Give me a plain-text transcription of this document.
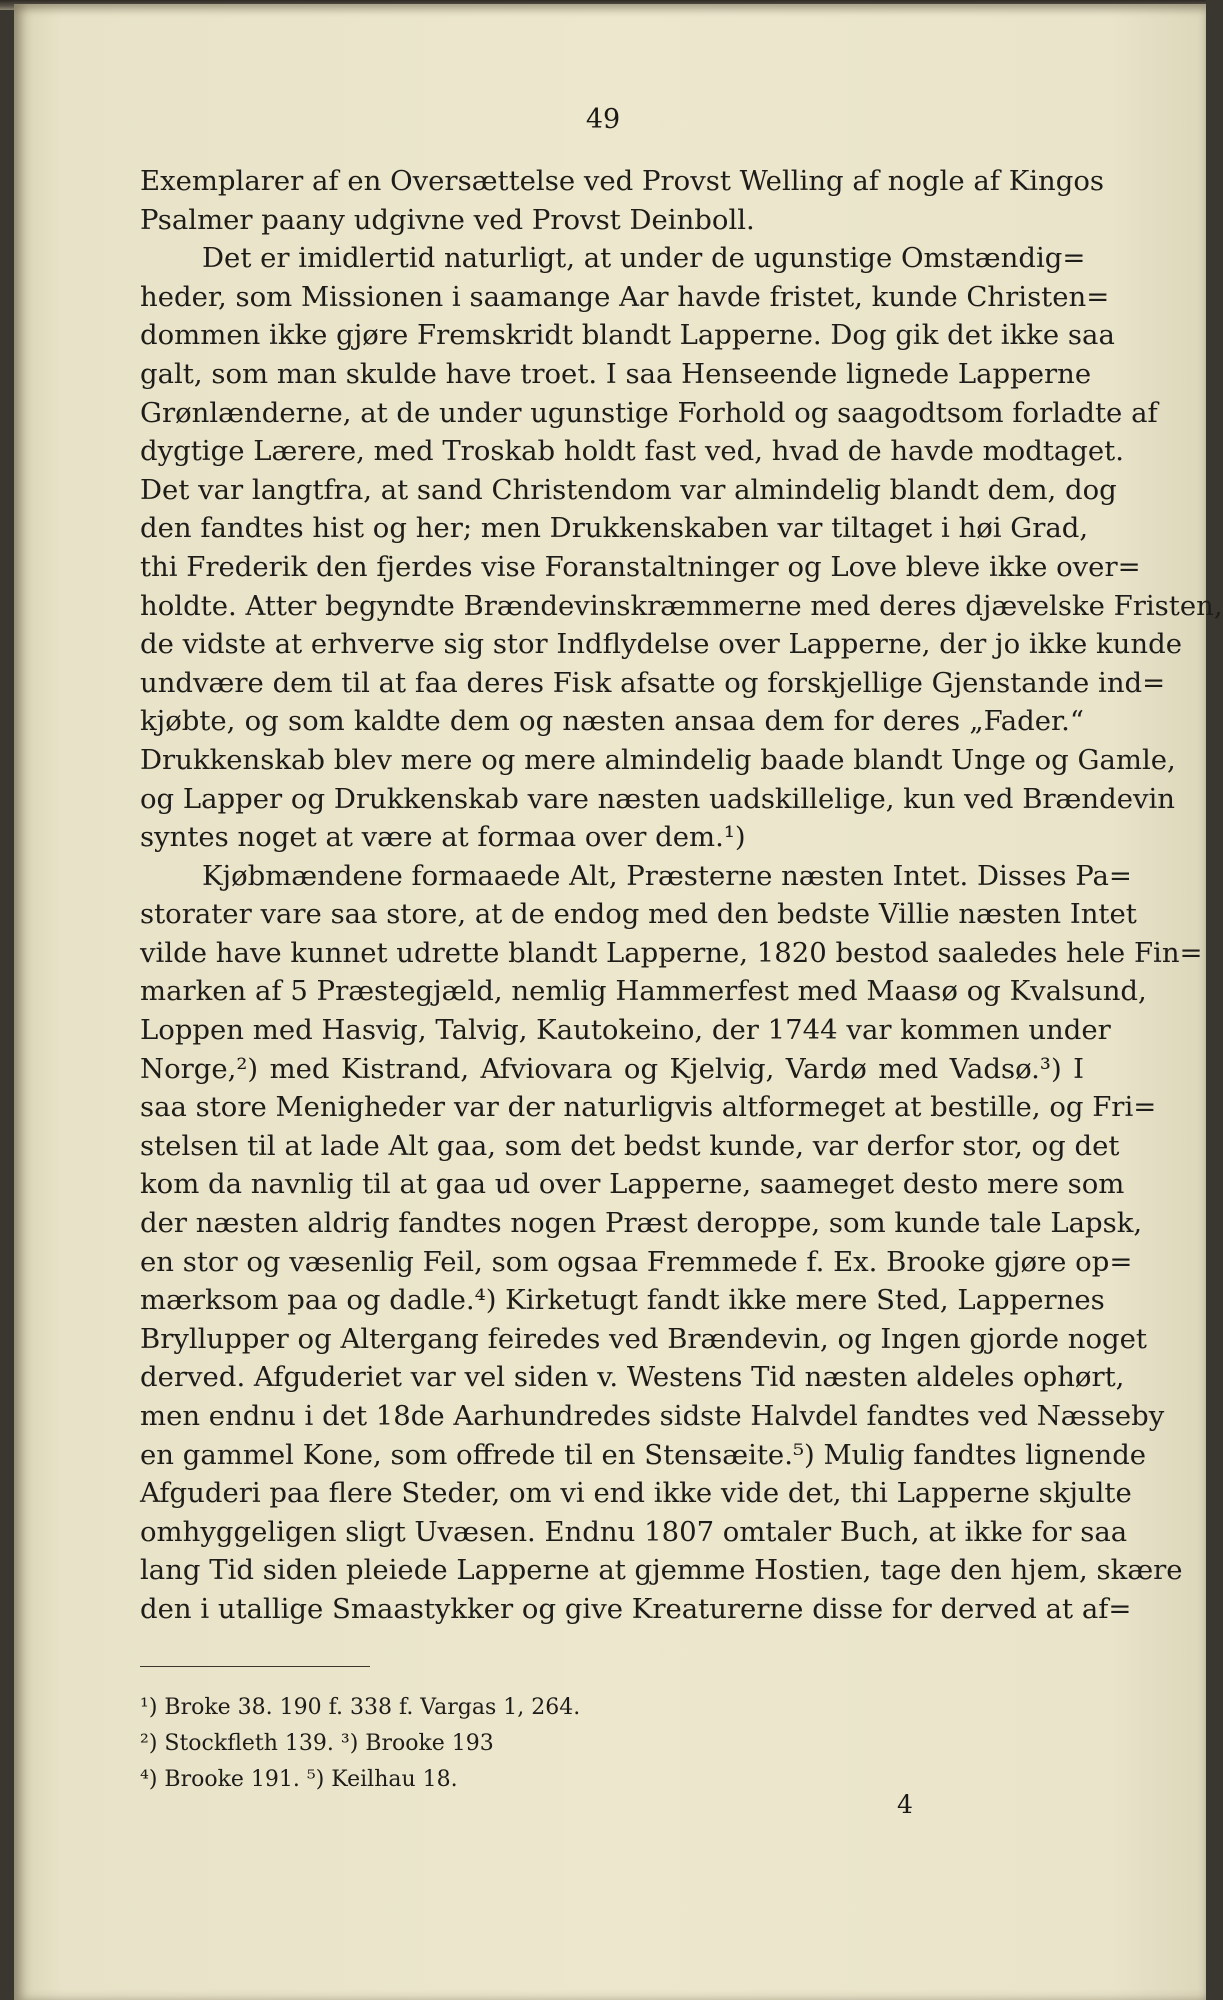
49
Exemplarer af en Oversættelse ved Provst Welling af nogle af Kingos
Psalmer paany udgivne ved Provst Deinboll.
Det er imidlertid naturligt, at under de ugunstige Omstændig=
heder, som Missionen i saamange Aar havde fristet, kunde Christen=
dommen ikke gjøre Fremskridt blandt Lapperne. Dog gik det ikke saa
galt, som man skulde have troet. I saa Henseende lignede Lapperne
Grønlænderne, at de under ugunstige Forhold og saagodtsom forladte af
dygtige Lærere, med Troskab holdt fast ved, hvad de havde modtaget.
Det var langtfra, at sand Christendom var almindelig blandt dem, dog
den fandtes hist og her; men Drukkenskaben var tiltaget i høi Grad,
thi Frederik den fjerdes vise Foranstaltninger og Love bleve ikke over=
holdte. Atter begyndte Brændevinskræmmerne med deres djævelske Fristen,
de vidste at erhverve sig stor Indflydelse over Lapperne, der jo ikke kunde
undvære dem til at faa deres Fisk afsatte og forskjellige Gjenstande ind=
kjøbte, og som kaldte dem og næsten ansaa dem for deres „Fader.“
Drukkenskab blev mere og mere almindelig baade blandt Unge og Gamle,
og Lapper og Drukkenskab vare næsten uadskillelige, kun ved Brændevin
syntes noget at være at formaa over dem.¹)
Kjøbmændene formaaede Alt, Præsterne næsten Intet. Disses Pa=
storater vare saa store, at de endog med den bedste Villie næsten Intet
vilde have kunnet udrette blandt Lapperne, 1820 bestod saaledes hele Fin=
marken af 5 Præstegjæld, nemlig Hammerfest med Maasø og Kvalsund,
Loppen med Hasvig, Talvig, Kautokeino, der 1744 var kommen under
Norge,²) med Kistrand, Afviovara og Kjelvig, Vardø med Vadsø.³) I
saa store Menigheder var der naturligvis altformeget at bestille, og Fri=
stelsen til at lade Alt gaa, som det bedst kunde, var derfor stor, og det
kom da navnlig til at gaa ud over Lapperne, saameget desto mere som
der næsten aldrig fandtes nogen Præst deroppe, som kunde tale Lapsk,
en stor og væsenlig Feil, som ogsaa Fremmede f. Ex. Brooke gjøre op=
mærksom paa og dadle.⁴) Kirketugt fandt ikke mere Sted, Lappernes
Bryllupper og Altergang feiredes ved Brændevin, og Ingen gjorde noget
derved. Afguderiet var vel siden v. Westens Tid næsten aldeles ophørt,
men endnu i det 18de Aarhundredes sidste Halvdel fandtes ved Næsseby
en gammel Kone, som offrede til en Stensæite.⁵) Mulig fandtes lignende
Afguderi paa flere Steder, om vi end ikke vide det, thi Lapperne skjulte
omhyggeligen sligt Uvæsen. Endnu 1807 omtaler Buch, at ikke for saa
lang Tid siden pleiede Lapperne at gjemme Hostien, tage den hjem, skære
den i utallige Smaastykker og give Kreaturerne disse for derved at af=
¹) Broke 38. 190 f. 338 f. Vargas 1, 264.
²) Stockfleth 139. ³) Brooke 193
⁴) Brooke 191. ⁵) Keilhau 18.
4
